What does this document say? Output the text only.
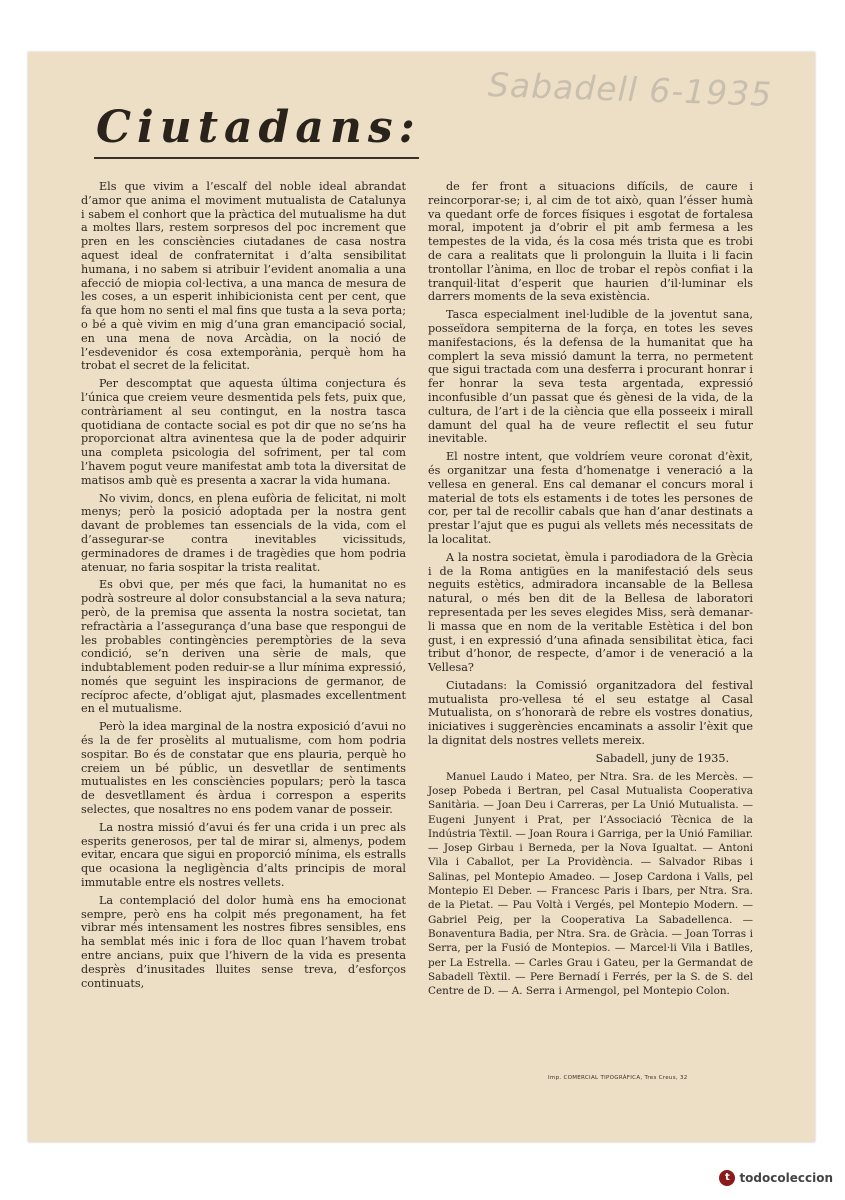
Sabadell 6-1935
Ciutadans:

Els que vivim a l’escalf del noble ideal abrandat d’amor que anima el moviment mutualista de Catalunya i sabem el conhort que la pràctica del mutualisme ha dut a moltes llars, restem sorpresos del poc increment que pren en les consciències ciutadanes de casa nostra aquest ideal de confraternitat i d’alta sensibilitat humana, i no sabem si atribuir l’evident anomalia a una afecció de miopia col·lectiva, a una manca de mesura de les coses, a un esperit inhibicionista cent per cent, que fa que hom no senti el mal fins que tusta a la seva porta; o bé a què vivim en mig d’una gran emancipació social, en una mena de nova Arcàdia, on la noció de l’esdevenidor és cosa extemporània, perquè hom ha trobat el secret de la felicitat.

Per descomptat que aquesta última conjectura és l’única que creiem veure desmentida pels fets, puix que, contràriament al seu contingut, en la nostra tasca quotidiana de contacte social es pot dir que no se’ns ha proporcionat altra avinentesa que la de poder adquirir una completa psicologia del sofriment, per tal com l’havem pogut veure manifestat amb tota la diversitat de matisos amb què es presenta a xacrar la vida humana.

No vivim, doncs, en plena eufòria de felicitat, ni molt menys; però la posició adoptada per la nostra gent davant de problemes tan essencials de la vida, com el d’assegurar-se contra inevitables vicissituds, germinadores de drames i de tragèdies que hom podria atenuar, no faria sospitar la trista realitat.

Es obvi que, per més que faci, la humanitat no es podrà sostreure al dolor consubstancial a la seva natura; però, de la premisa que assenta la nostra societat, tan refractària a l’assegurança d’una base que respongui de les probables contingències peremptòries de la seva condició, se’n deriven una sèrie de mals, que indubtablement poden reduir-se a llur mínima expressió, només que seguint les inspiracions de germanor, de recíproc afecte, d’obligat ajut, plasmades excellentment en el mutualisme.

Però la idea marginal de la nostra exposició d’avui no és la de fer prosèlits al mutualisme, com hom podria sospitar. Bo és de constatar que ens plauria, perquè ho creiem un bé públic, un desvetllar de sentiments mutualistes en les consciències populars; però la tasca de desvetllament és àrdua i correspon a esperits selectes, que nosaltres no ens podem vanar de posseir.

La nostra missió d’avui és fer una crida i un prec als esperits generosos, per tal de mirar si, almenys, podem evitar, encara que sigui en proporció mínima, els estralls que ocasiona la negligència d’alts principis de moral immutable entre els nostres vellets.

La contemplació del dolor humà ens ha emocionat sempre, però ens ha colpit més pregonament, ha fet vibrar més intensament les nostres fibres sensibles, ens ha semblat més inic i fora de lloc quan l’havem trobat entre ancians, puix que l’hivern de la vida es presenta desprès d’inusitades lluites sense treva, d’esforços continuats,

de fer front a situacions difícils, de caure i reincorporar-se; i, al cim de tot això, quan l’ésser humà va quedant orfe de forces físiques i esgotat de fortalesa moral, impotent ja d’obrir el pit amb fermesa a les tempestes de la vida, és la cosa més trista que es trobi de cara a realitats que li prolonguin la lluita i li facin trontollar l’ànima, en lloc de trobar el repòs confiat i la tranquil·litat d’esperit que haurien d’il·luminar els darrers moments de la seva existència.

Tasca especialment inel·ludible de la joventut sana, posseïdora sempiterna de la força, en totes les seves manifestacions, és la defensa de la humanitat que ha complert la seva missió damunt la terra, no permetent que sigui tractada com una desferra i procurant honrar i fer honrar la seva testa argentada, expressió inconfusible d’un passat que és gènesi de la vida, de la cultura, de l’art i de la ciència que ella posseeix i mirall damunt del qual ha de veure reflectit el seu futur inevitable.

El nostre intent, que voldríem veure coronat d’èxit, és organitzar una festa d’homenatge i veneració a la vellesa en general. Ens cal demanar el concurs moral i material de tots els estaments i de totes les persones de cor, per tal de recollir cabals que han d’anar destinats a prestar l’ajut que es pugui als vellets més necessitats de la localitat.

A la nostra societat, èmula i parodiadora de la Grècia i de la Roma antigües en la manifestació dels seus neguits estètics, admiradora incansable de la Bellesa natural, o més ben dit de la Bellesa de laboratori representada per les seves elegides Miss, serà demanar-li massa que en nom de la veritable Estètica i del bon gust, i en expressió d’una afinada sensibilitat ètica, faci tribut d’honor, de respecte, d’amor i de veneració a la Vellesa?

Ciutadans: la Comissió organitzadora del festival mutualista pro-vellesa té el seu estatge al Casal Mutualista, on s’honorarà de rebre els vostres donatius, iniciatives i suggerències encaminats a assolir l’èxit que la dignitat dels nostres vellets mereix.

Sabadell, juny de 1935.

Manuel Laudo i Mateo, per Ntra. Sra. de les Mercès. — Josep Pobeda i Bertran, pel Casal Mutualista Cooperativa Sanitària. — Joan Deu i Carreras, per La Unió Mutualista. — Eugeni Junyent i Prat, per l’Associació Tècnica de la Indústria Tèxtil. — Joan Roura i Garriga, per la Unió Familiar. — Josep Girbau i Berneda, per la Nova Igualtat. — Antoni Vila i Caballot, per La Providència. — Salvador Ribas i Salinas, pel Montepio Amadeo. — Josep Cardona i Valls, pel Montepio El Deber. — Francesc Paris i Ibars, per Ntra. Sra. de la Pietat. — Pau Voltà i Vergés, pel Montepio Modern. — Gabriel Peig, per la Cooperativa La Sabadellenca. — Bonaventura Badia, per Ntra. Sra. de Gràcia. — Joan Torras i Serra, per la Fusió de Montepios. — Marcel·li Vila i Batlles, per La Estrella. — Carles Grau i Gateu, per la Germandat de Sabadell Tèxtil. — Pere Bernadí i Ferrés, per la S. de S. del Centre de D. — A. Serra i Armengol, pel Montepio Colon.

Imp. COMERCIAL TIPOGRÀFICA, Tres Creus, 32
t todocoleccion
